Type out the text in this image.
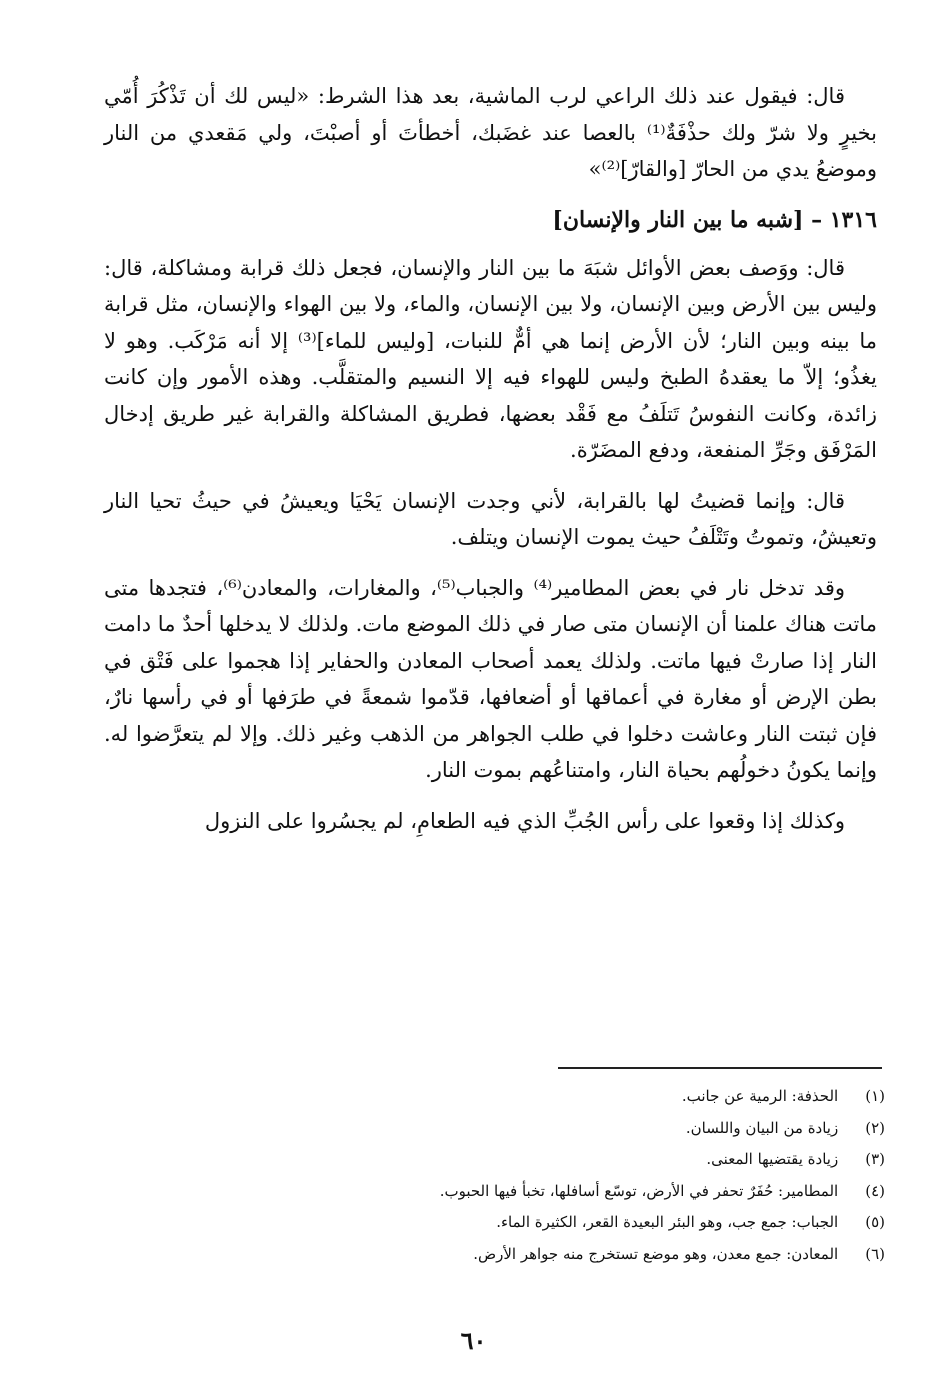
قال: فيقول عند ذلك الراعي لرب الماشية، بعد هذا الشرط: «ليس لك أن تَذْكُرَ أُمّي بخيرٍ ولا شرّ ولك حذْفَةٌ⁽¹⁾ بالعصا عند غضَبك، أخطأتَ أو أصبْتَ، ولي مَقعدي من النار وموضعُ يدي من الحارّ [والقارّ]⁽²⁾»

١٣١٦ – [شبه ما بين النار والإنسان]

قال: ووَصف بعض الأوائل شبَهَ ما بين النار والإنسان، فجعل ذلك قرابة ومشاكلة، قال: وليس بين الأرض وبين الإنسان، ولا بين الإنسان، والماء، ولا بين الهواء والإنسان، مثل قرابة ما بينه وبين النار؛ لأن الأرض إنما هي أمٌّ للنبات، [وليس للماء]⁽³⁾ إلا أنه مَرْكَب. وهو لا يغذُو؛ إلاّ ما يعقدهُ الطبخ وليس للهواء فيه إلا النسيم والمتقلَّب. وهذه الأمور وإن كانت زائدة، وكانت النفوسُ تَتلَفُ مع فَقْد بعضها، فطريق المشاكلة والقرابة غير طريق إدخال المَرْفَق وجَرِّ المنفعة، ودفع المضَرّة.

قال: وإنما قضيتُ لها بالقرابة، لأني وجدت الإنسان يَحْيَا ويعيشُ في حيثُ تحيا النار وتعيشُ، وتموتُ وتَتْلَفُ حيث يموت الإنسان ويتلف.

وقد تدخل نار في بعض المطامير⁽⁴⁾ والجباب⁽⁵⁾، والمغارات، والمعادن⁽⁶⁾، فتجدها متى ماتت هناك علمنا أن الإنسان متى صار في ذلك الموضع مات. ولذلك لا يدخلها أحدٌ ما دامت النار إذا صارتْ فيها ماتت. ولذلك يعمد أصحاب المعادن والحفاير إذا هجموا على فَتْق في بطن الإرض أو مغارة في أعماقها أو أضعافها، قدّموا شمعةً في طرَفها أو في رأسها نارٌ، فإن ثبتت النار وعاشت دخلوا في طلب الجواهر من الذهب وغير ذلك. وإلا لم يتعرَّضوا له. وإنما يكونُ دخولُهم بحياة النار، وامتناعُهم بموت النار.

وكذلك إذا وقعوا على رأس الجُبِّ الذي فيه الطعامِ، لم يجسُروا على النزول

(١) الحذفة: الرمية عن جانب.
(٢) زيادة من البيان واللسان.
(٣) زيادة يقتضيها المعنى.
(٤) المطامير: حُفَرٌ تحفر في الأرض، توسّع أسافلها، تخبأ فيها الحبوب.
(٥) الجباب: جمع جب، وهو البئر البعيدة القعر، الكثيرة الماء.
(٦) المعادن: جمع معدن، وهو موضع تستخرج منه جواهر الأرض.
٦٠
